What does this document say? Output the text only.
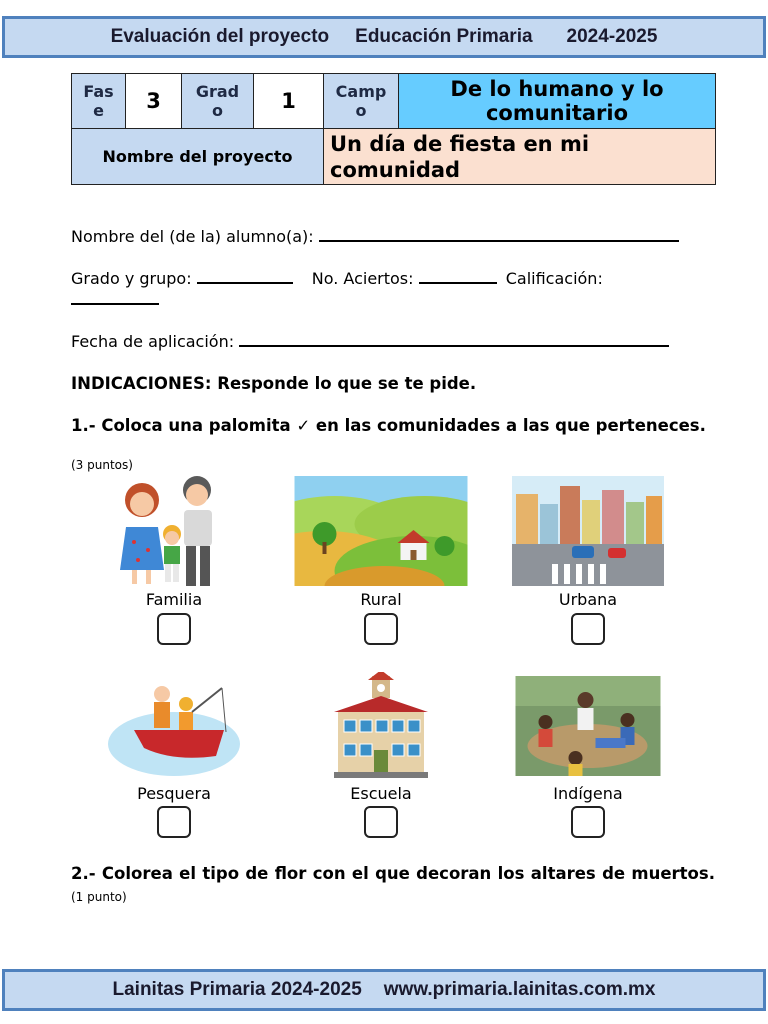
Evaluación del proyecto Educación Primaria 2024-2025
Fase	3	Grado	1	Campo	De lo humano y lo comunitario
Nombre del proyecto				Un día de fiesta en mi comunidad	
Nombre del (de la) alumno(a):
Grado y grupo:	No. Aciertos:	Calificación:
Fecha de aplicación:
INDICACIONES: Responde lo que se te pide.
1.- Coloca una palomita ✓ en las comunidades a las que perteneces.
(3 puntos)
Familia	Rural	Urbana
Pesquera	Escuela	Indígena
2.- Colorea el tipo de flor con el que decoran los altares de muertos. (1 punto)
Lainitas Primaria 2024-2025 www.primaria.lainitas.com.mx
